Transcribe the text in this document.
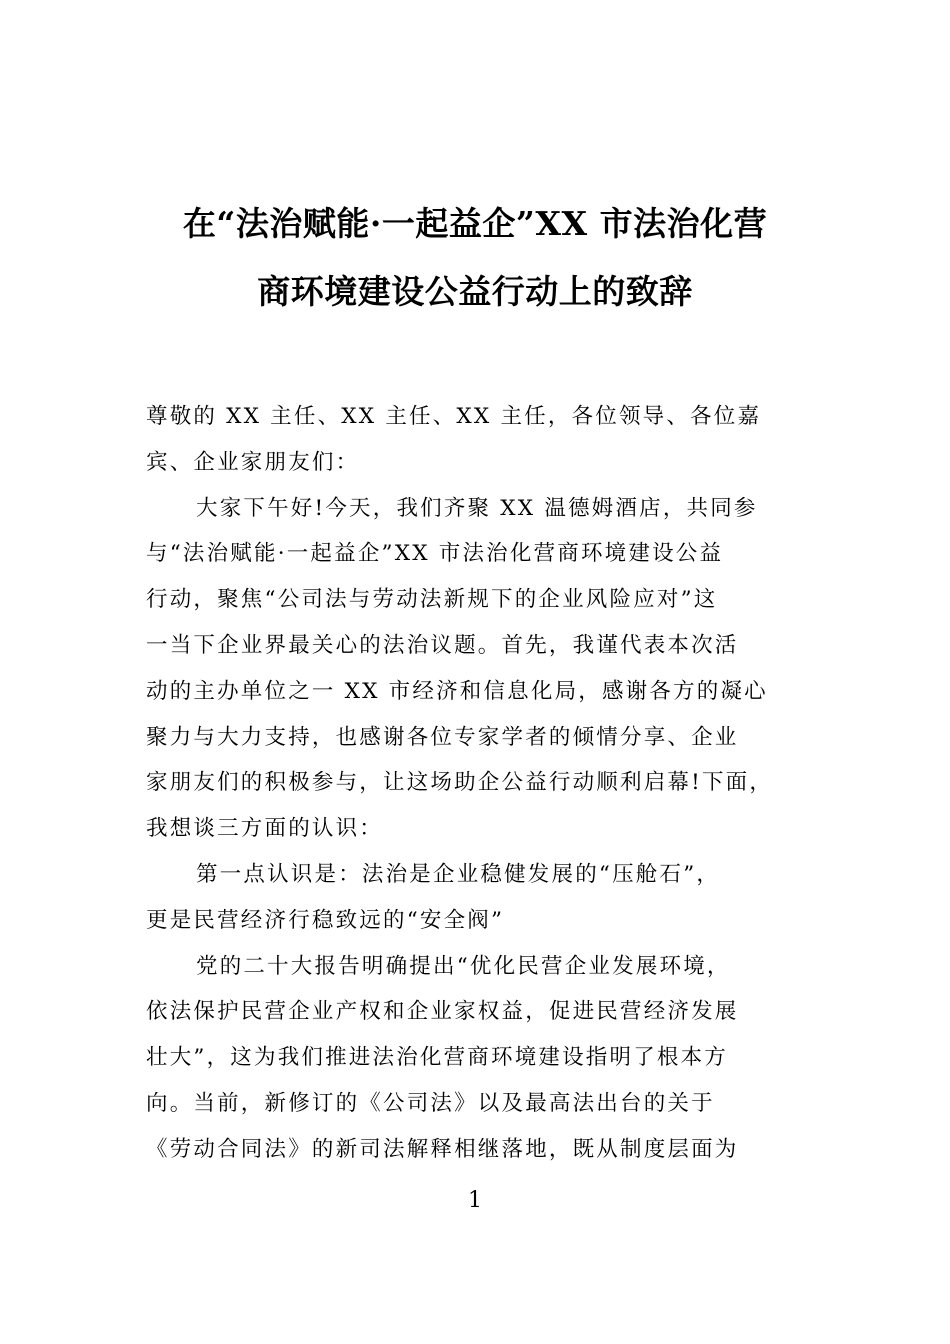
在“法治赋能·一起益企”XX 市法治化营
商环境建设公益行动上的致辞
尊敬的 XX 主任、XX 主任、XX 主任，各位领导、各位嘉
宾、企业家朋友们：
大家下午好!今天，我们齐聚 XX 温德姆酒店，共同参
与“法治赋能·一起益企”XX 市法治化营商环境建设公益
行动，聚焦“公司法与劳动法新规下的企业风险应对”这
一当下企业界最关心的法治议题。首先，我谨代表本次活
动的主办单位之一 XX 市经济和信息化局，感谢各方的凝心
聚力与大力支持，也感谢各位专家学者的倾情分享、企业
家朋友们的积极参与，让这场助企公益行动顺利启幕!下面，
我想谈三方面的认识：
第一点认识是：法治是企业稳健发展的“压舱石”，
更是民营经济行稳致远的“安全阀”
党的二十大报告明确提出“优化民营企业发展环境，
依法保护民营企业产权和企业家权益，促进民营经济发展
壮大”，这为我们推进法治化营商环境建设指明了根本方
向。当前，新修订的《公司法》以及最高法出台的关于
《劳动合同法》的新司法解释相继落地，既从制度层面为
1
